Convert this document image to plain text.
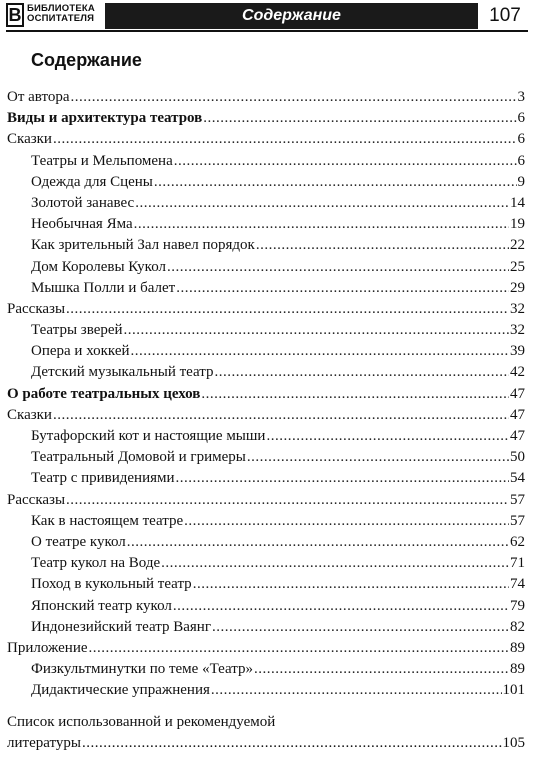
B БИБЛИОТЕКА
ОСПИТАТЕЛЯ	Содержание	107
Содержание
От автора .....	3
Виды и архитектура театров .....	6
Сказки .....	6
Театры и Мельпомена .....	6
Одежда для Сцены .....	9
Золотой занавес .....	14
Необычная Яма .....	19
Как зрительный Зал навел порядок .....	22
Дом Королевы Кукол .....	25
Мышка Полли и балет .....	29
Рассказы .....	32
Театры зверей .....	32
Опера и хоккей .....	39
Детский музыкальный театр .....	42
О работе театральных цехов .....	47
Сказки .....	47
Бутафорский кот и настоящие мыши .....	47
Театральный Домовой и гримеры .....	50
Театр с привидениями .....	54
Рассказы .....	57
Как в настоящем театре .....	57
О театре кукол .....	62
Театр кукол на Воде .....	71
Поход в кукольный театр .....	74
Японский театр кукол .....	79
Индонезийский театр Ваянг .....	82
Приложение .....	89
Физкультминутки по теме «Театр» .....	89
Дидактические упражнения .....	101
Список использованной и рекомендуемой
литературы .....	105
